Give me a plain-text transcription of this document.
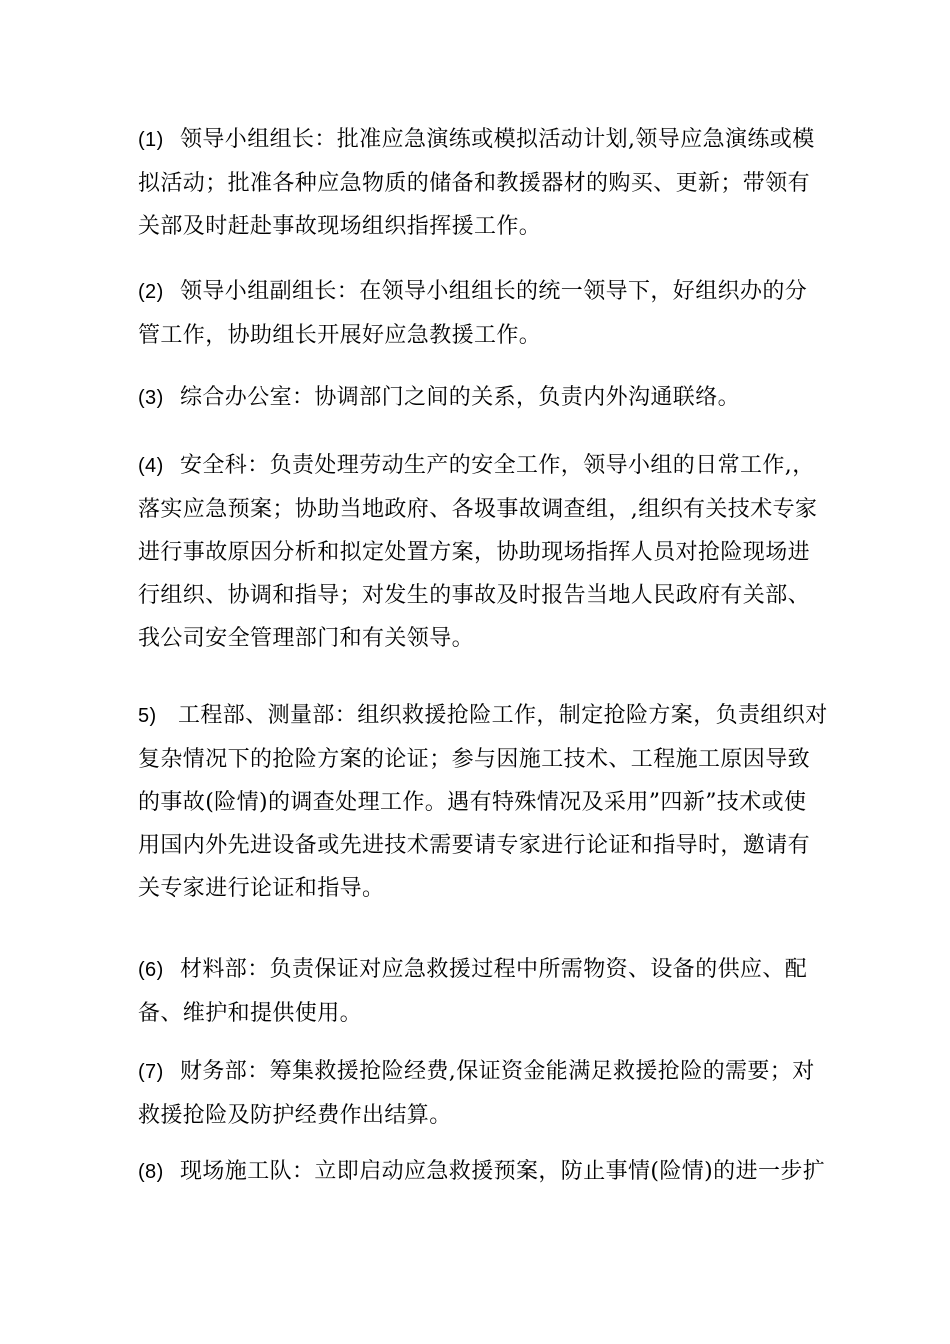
(1) 领导小组组长：批准应急演练或模拟活动计划,领导应急演练或模拟活动；批准各种应急物质的储备和教援器材的购买、更新；带领有关部及时赶赴事故现场组织指挥援工作。

(2) 领导小组副组长：在领导小组组长的统一领导下，好组织办的分管工作，协助组长开展好应急教援工作。

(3) 综合办公室：协调部门之间的关系，负责内外沟通联络。

(4) 安全科：负责处理劳动生产的安全工作，领导小组的日常工作,，落实应急预案；协助当地政府、各圾事故调查组，,组织有关技术专家进行事故原因分析和拟定处置方案，协助现场指挥人员对抢险现场进行组织、协调和指导；对发生的事故及时报告当地人民政府有关部、我公司安全管理部门和有关领导。

5) 工程部、测量部：组织救援抢险工作，制定抢险方案，负责组织对复杂情况下的抢险方案的论证；参与因施工技术、工程施工原因导致的事故(险情)的调查处理工作。遇有特殊情况及采用”四新”技术或使用国内外先进设备或先进技术需要请专家进行论证和指导时，邀请有关专家进行论证和指导。

(6) 材料部：负责保证对应急救援过程中所需物资、设备的供应、配备、维护和提供使用。

(7) 财务部：筹集救援抢险经费,保证资金能满足救援抢险的需要；对救援抢险及防护经费作出结算。

(8) 现场施工队：立即启动应急救援预案，防止事情(险情)的进一步扩
